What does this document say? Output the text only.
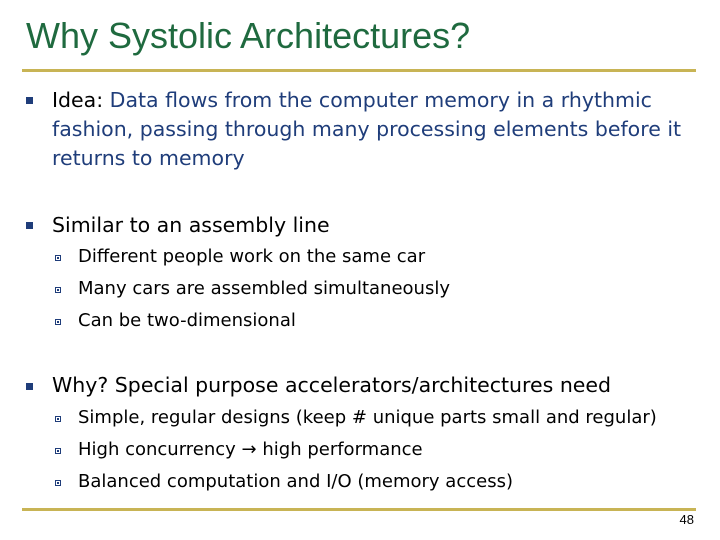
Why Systolic Architectures?
Idea: Data flows from the computer memory in a rhythmic
fashion, passing through many processing elements before it
returns to memory
Similar to an assembly line
Different people work on the same car
Many cars are assembled simultaneously
Can be two-dimensional
Why? Special purpose accelerators/architectures need
Simple, regular designs (keep # unique parts small and regular)
High concurrency → high performance
Balanced computation and I/O (memory access)
48
